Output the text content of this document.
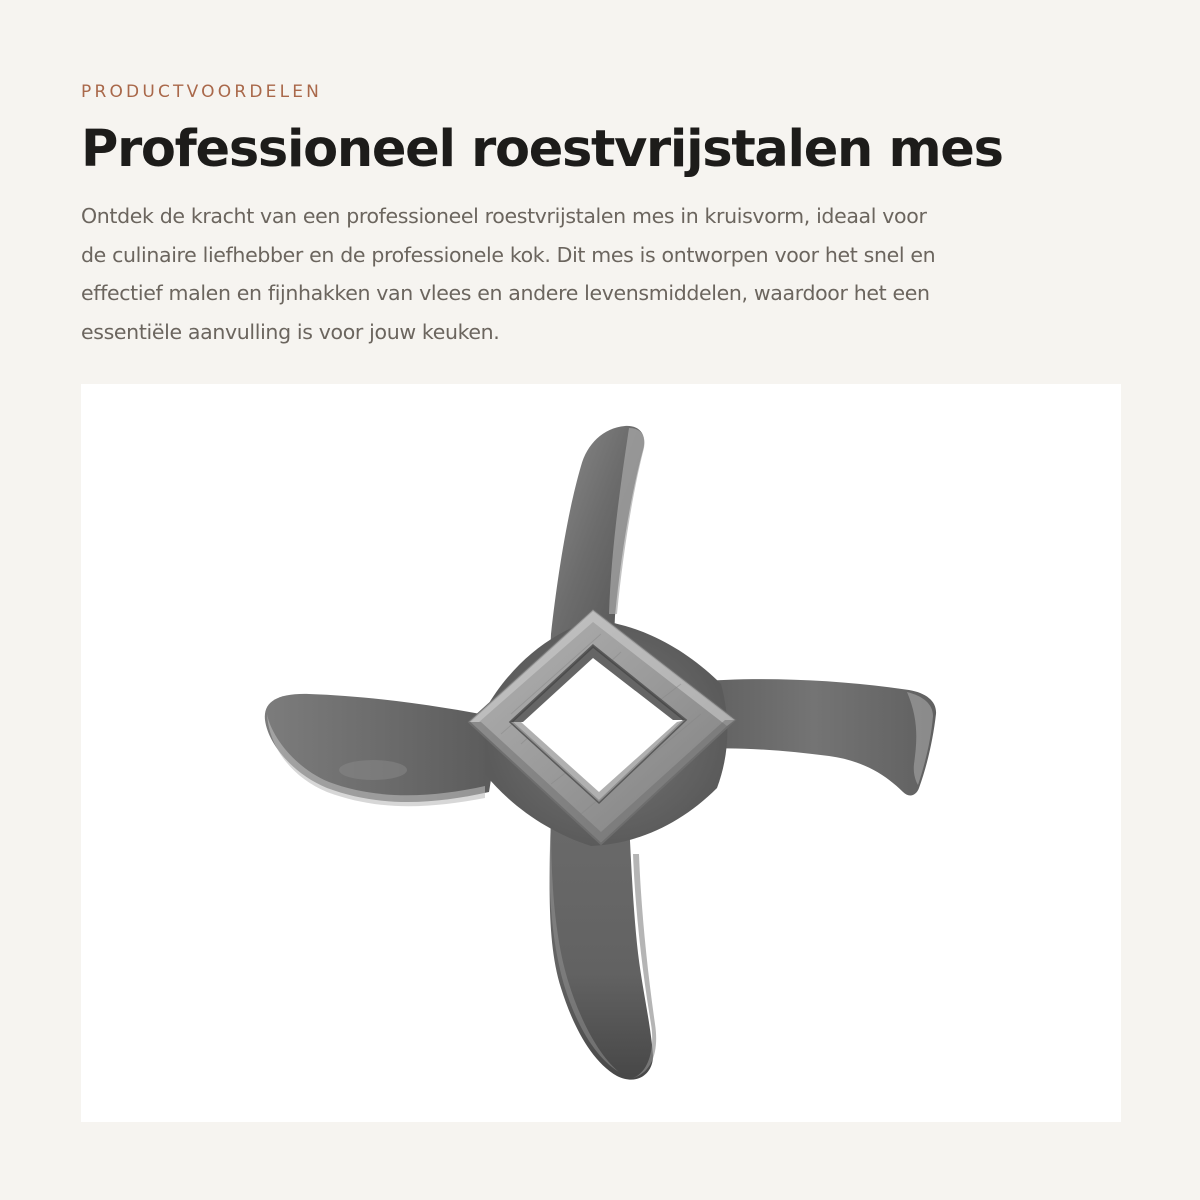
PRODUCTVOORDELEN

Professioneel roestvrijstalen mes

Ontdek de kracht van een professioneel roestvrijstalen mes in kruisvorm, ideaal voor
de culinaire liefhebber en de professionele kok. Dit mes is ontworpen voor het snel en
effectief malen en fijnhakken van vlees en andere levensmiddelen, waardoor het een
essentiële aanvulling is voor jouw keuken.
